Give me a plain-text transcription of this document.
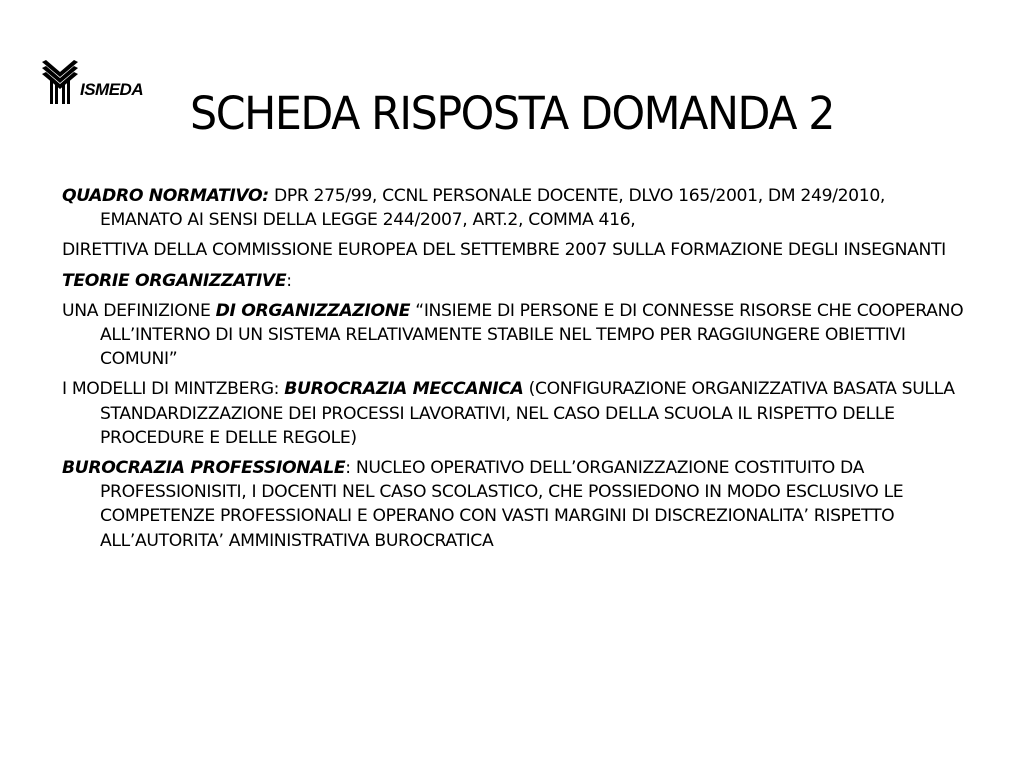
ISMEDA	SCHEDA RISPOSTA DOMANDA 2

QUADRO NORMATIVO: DPR 275/99, CCNL PERSONALE DOCENTE, DLVO 165/2001, DM 249/2010, EMANATO AI SENSI DELLA LEGGE 244/2007, ART.2, COMMA 416,

DIRETTIVA DELLA COMMISSIONE EUROPEA DEL SETTEMBRE 2007 SULLA FORMAZIONE DEGLI INSEGNANTI

TEORIE ORGANIZZATIVE:

UNA DEFINIZIONE DI ORGANIZZAZIONE “INSIEME DI PERSONE E DI CONNESSE RISORSE CHE COOPERANO ALL’INTERNO DI UN SISTEMA RELATIVAMENTE STABILE NEL TEMPO PER RAGGIUNGERE OBIETTIVI COMUNI”

I MODELLI DI MINTZBERG: BUROCRAZIA MECCANICA (CONFIGURAZIONE ORGANIZZATIVA BASATA SULLA STANDARDIZZAZIONE DEI PROCESSI LAVORATIVI, NEL CASO DELLA SCUOLA IL RISPETTO DELLE PROCEDURE E DELLE REGOLE)

BUROCRAZIA PROFESSIONALE: NUCLEO OPERATIVO DELL’ORGANIZZAZIONE COSTITUITO DA PROFESSIONISITI, I DOCENTI NEL CASO SCOLASTICO, CHE POSSIEDONO IN MODO ESCLUSIVO LE COMPETENZE PROFESSIONALI E OPERANO CON VASTI MARGINI DI DISCREZIONALITA’ RISPETTO ALL’AUTORITA’ AMMINISTRATIVA BUROCRATICA
